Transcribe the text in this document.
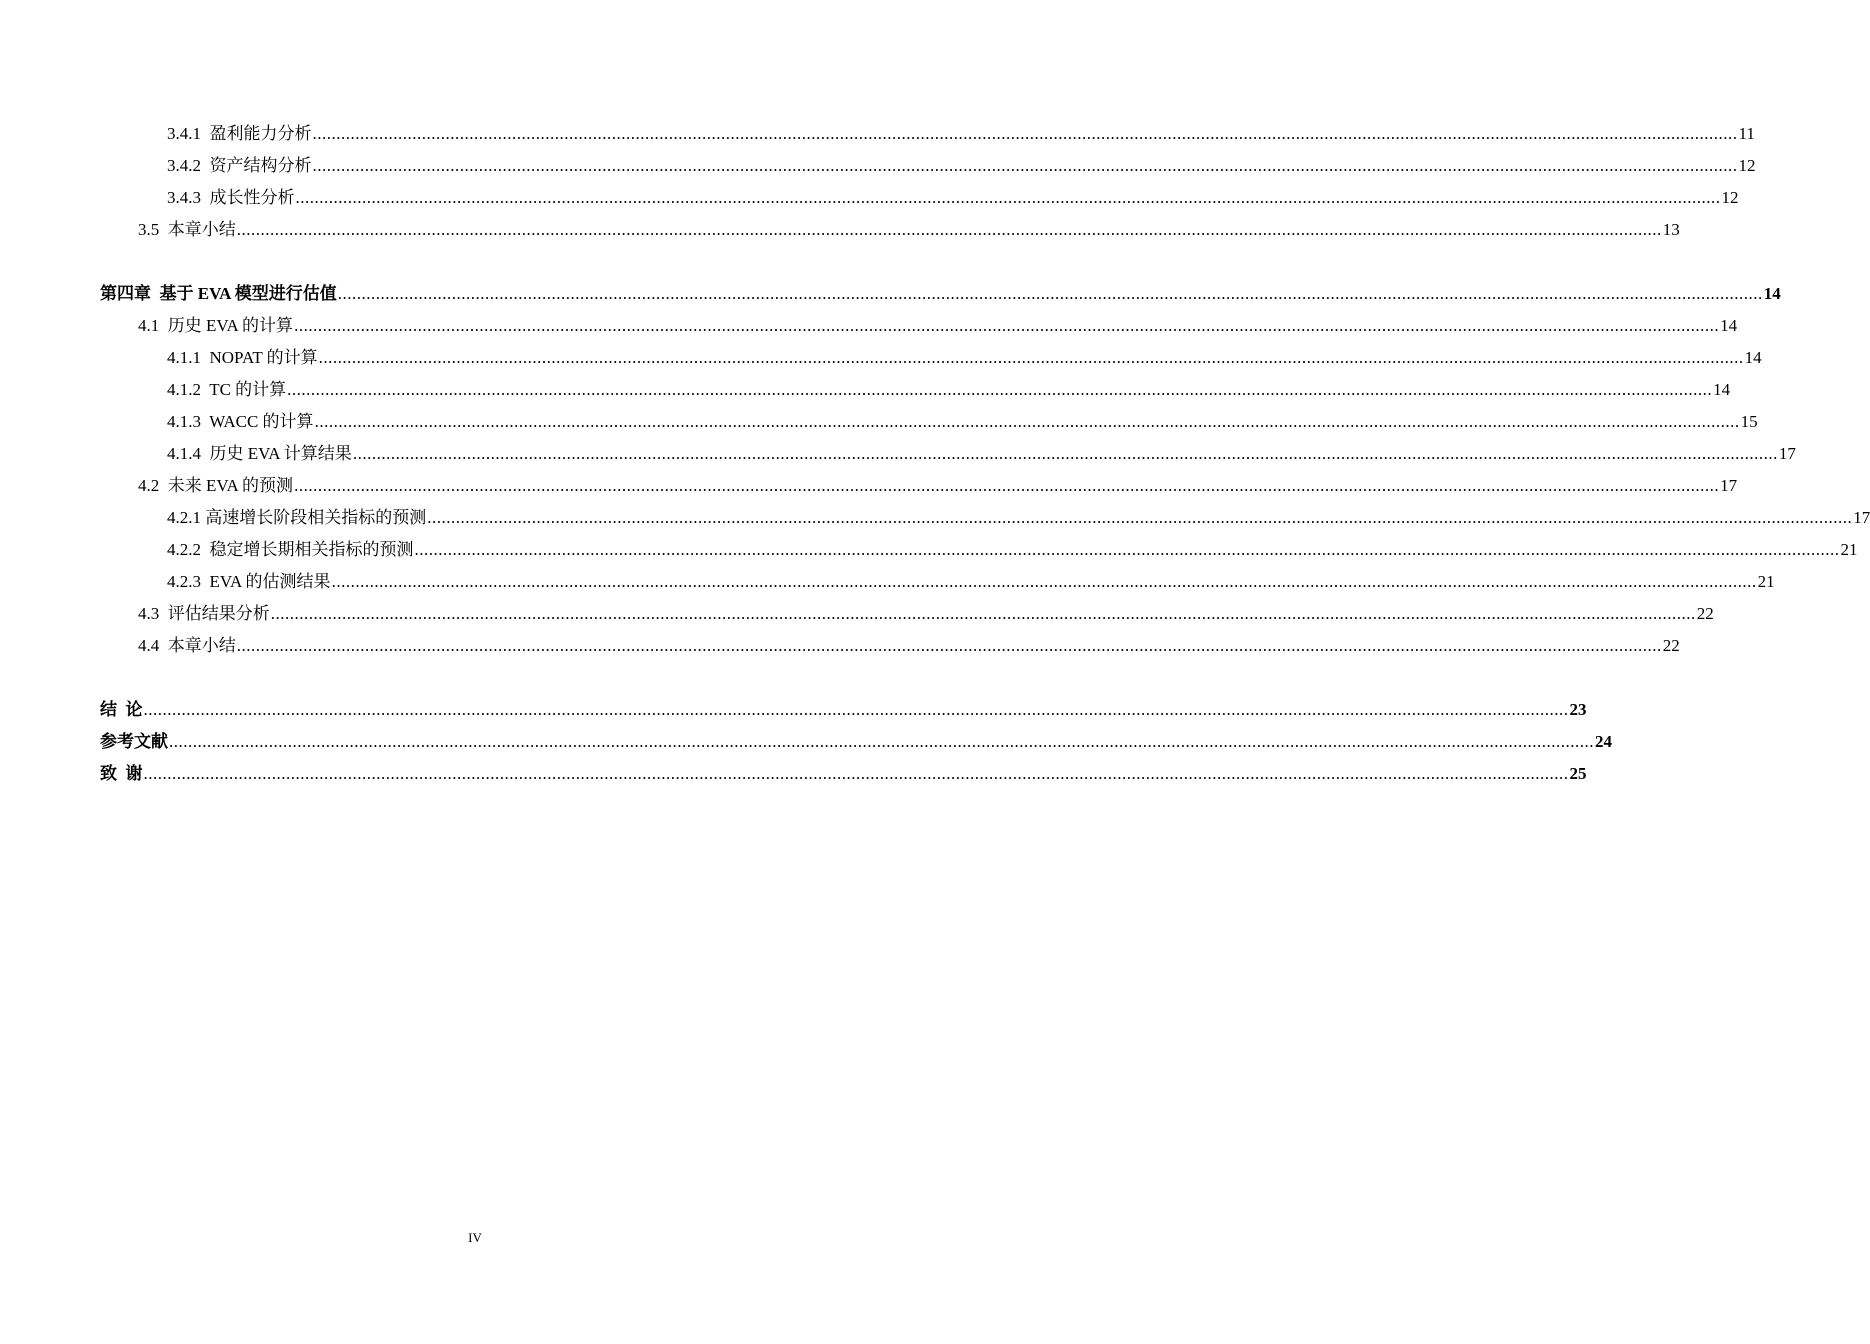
3.4.1  盈利能力分析 ............................................................................................................................................................................................................................................................................................................ 11
3.4.2  资产结构分析 ............................................................................................................................................................................................................................................................................................................ 12
3.4.3  成长性分析 ............................................................................................................................................................................................................................................................................................................ 12
3.5  本章小结 ............................................................................................................................................................................................................................................................................................................ 13
第四章  基于 EVA 模型进行估值 ............................................................................................................................................................................................................................................................................................................ 14
4.1  历史 EVA 的计算 ............................................................................................................................................................................................................................................................................................................ 14
4.1.1  NOPAT 的计算 ............................................................................................................................................................................................................................................................................................................ 14
4.1.2  TC 的计算 ............................................................................................................................................................................................................................................................................................................ 14
4.1.3  WACC 的计算 ............................................................................................................................................................................................................................................................................................................ 15
4.1.4  历史 EVA 计算结果 ............................................................................................................................................................................................................................................................................................................ 17
4.2  未来 EVA 的预测 ............................................................................................................................................................................................................................................................................................................ 17
4.2.1 高速增长阶段相关指标的预测 ............................................................................................................................................................................................................................................................................................................ 17
4.2.2  稳定增长期相关指标的预测 ............................................................................................................................................................................................................................................................................................................ 21
4.2.3  EVA 的估测结果 ............................................................................................................................................................................................................................................................................................................ 21
4.3  评估结果分析 ............................................................................................................................................................................................................................................................................................................ 22
4.4  本章小结 ............................................................................................................................................................................................................................................................................................................ 22
结  论 ............................................................................................................................................................................................................................................................................................................ 23
参考文献 ............................................................................................................................................................................................................................................................................................................ 24
致  谢 ............................................................................................................................................................................................................................................................................................................ 25
IV
